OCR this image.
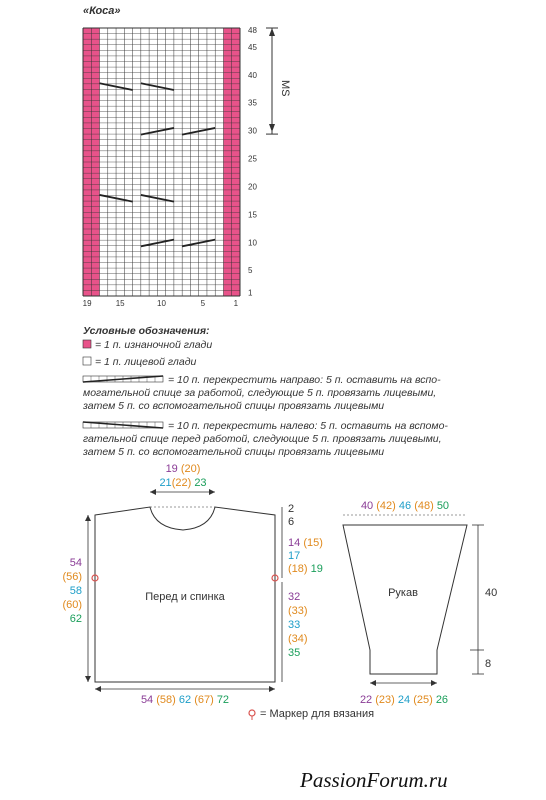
«Коса»
48
45
40
35
30
25
20
15
10
5
1
19	15	10	5	1
MS
Условные обозначения:
= 1 п. изнаночной глади
= 1 п. лицевой глади
= 10 п. перекрестить направо: 5 п. оставить на вспо-
могательной спице за работой, следующие 5 п. провязать лицевыми,
затем 5 п. со вспомогательной спицы провязать лицевыми
= 10 п. перекрестить налево: 5 п. оставить на вспомо-
гательной спице перед работой, следующие 5 п. провязать лицевыми,
затем 5 п. со вспомогательной спицы провязать лицевыми
Перед и спинка
19 (20)
21(22) 23
2
6
14 (15)
17
(18) 19
32
(33)
33
(34)
35
54
(56)
58
(60)
62
54 (58) 62 (67) 72
40 (42) 46 (48) 50
Рукав	40
8
22 (23) 24 (25) 26
= Маркер для вязания
PassionForum.ru
